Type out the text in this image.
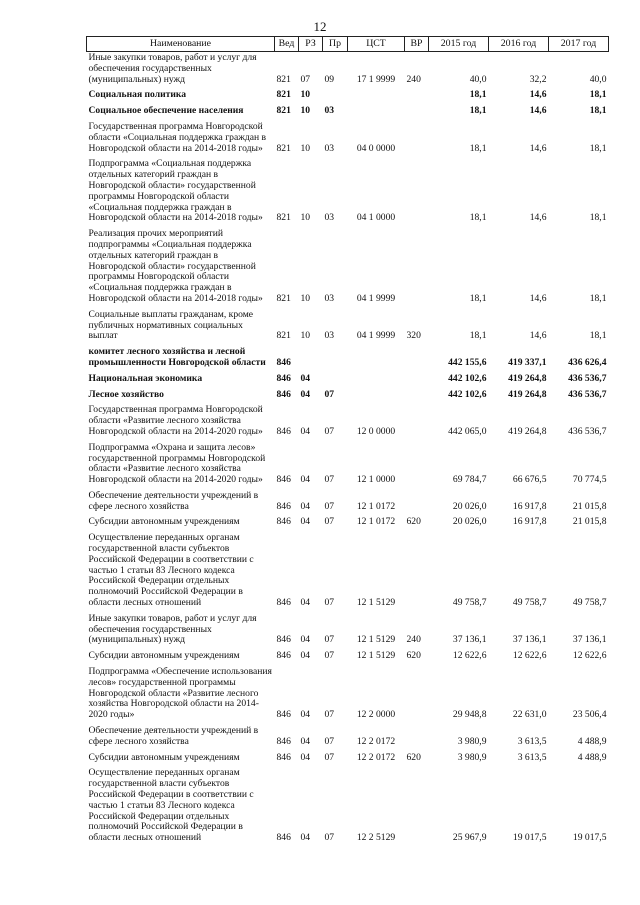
12
Наименование	Вед	РЗ	Пр	ЦСТ	ВР	2015 год	2016 год	2017 год
Иные закупки товаров, работ и услуг для обеспечения государственных (муниципальных) нужд	821	07	09	17 1 9999	240	40,0	32,2	40,0
Социальная политика	821	10				18,1	14,6	18,1
Социальное обеспечение населения	821	10	03			18,1	14,6	18,1
Государственная программа Новгородской области «Социальная поддержка граждан в Новгородской области на 2014-2018 годы»	821	10	03	04 0 0000		18,1	14,6	18,1
Подпрограмма «Социальная поддержка отдельных категорий граждан в Новгородской области» государственной программы Новгородской области «Социальная поддержка граждан в Новгородской области на 2014-2018 годы»	821	10	03	04 1 0000		18,1	14,6	18,1
Реализация прочих мероприятий подпрограммы «Социальная поддержка отдельных категорий граждан в Новгородской области» государственной программы Новгородской области «Социальная поддержка граждан в Новгородской области на 2014-2018 годы»	821	10	03	04 1 9999		18,1	14,6	18,1
Социальные выплаты гражданам, кроме публичных нормативных социальных выплат	821	10	03	04 1 9999	320	18,1	14,6	18,1
комитет лесного хозяйства и лесной промышленности Новгородской области	846					442 155,6	419 337,1	436 626,4
Национальная экономика	846	04				442 102,6	419 264,8	436 536,7
Лесное хозяйство	846	04	07			442 102,6	419 264,8	436 536,7
Государственная программа Новгородской области «Развитие лесного хозяйства Новгородской области на 2014-2020 годы»	846	04	07	12 0 0000		442 065,0	419 264,8	436 536,7
Подпрограмма «Охрана и защита лесов» государственной программы Новгородской области «Развитие лесного хозяйства Новгородской области на 2014-2020 годы»	846	04	07	12 1 0000		69 784,7	66 676,5	70 774,5
Обеспечение деятельности учреждений в сфере лесного хозяйства	846	04	07	12 1 0172		20 026,0	16 917,8	21 015,8
Субсидии автономным учреждениям	846	04	07	12 1 0172	620	20 026,0	16 917,8	21 015,8
Осуществление переданных органам государственной власти субъектов Российской Федерации в соответствии с частью 1 статьи 83 Лесного кодекса Российской Федерации отдельных полномочий Российской Федерации в области лесных отношений	846	04	07	12 1 5129		49 758,7	49 758,7	49 758,7
Иные закупки товаров, работ и услуг для обеспечения государственных (муниципальных) нужд	846	04	07	12 1 5129	240	37 136,1	37 136,1	37 136,1
Субсидии автономным учреждениям	846	04	07	12 1 5129	620	12 622,6	12 622,6	12 622,6
Подпрограмма «Обеспечение использования лесов» государственной программы Новгородской области «Развитие лесного хозяйства Новгородской области на 2014-2020 годы»	846	04	07	12 2 0000		29 948,8	22 631,0	23 506,4
Обеспечение деятельности учреждений в сфере лесного хозяйства	846	04	07	12 2 0172		3 980,9	3 613,5	4 488,9
Субсидии автономным учреждениям	846	04	07	12 2 0172	620	3 980,9	3 613,5	4 488,9
Осуществление переданных органам государственной власти субъектов Российской Федерации в соответствии с частью 1 статьи 83 Лесного кодекса Российской Федерации отдельных полномочий Российской Федерации в области лесных отношений	846	04	07	12 2 5129		25 967,9	19 017,5	19 017,5
